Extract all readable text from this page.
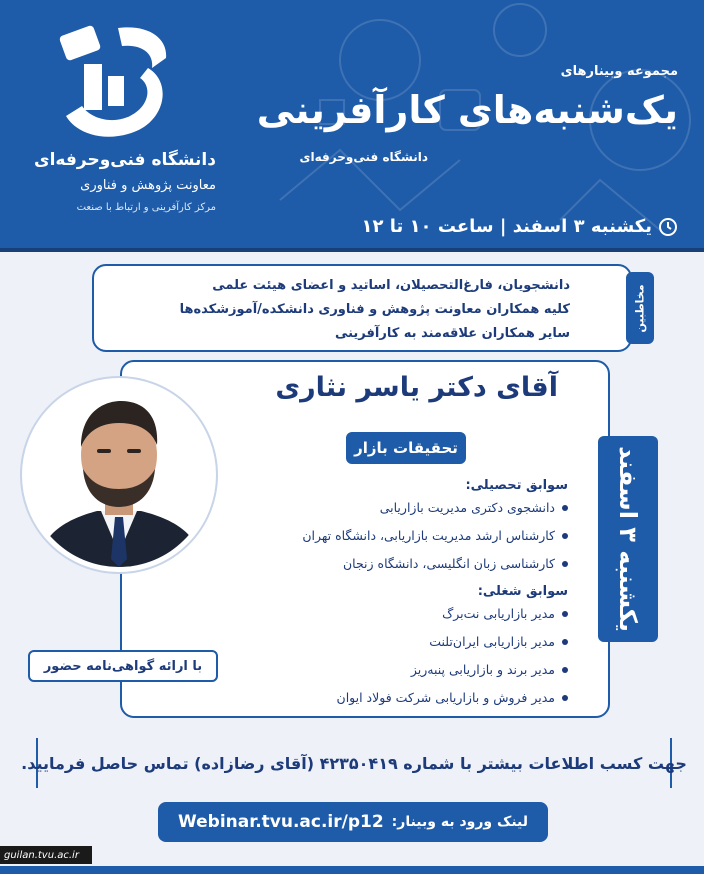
دانشگاه فنی‌وحرفه‌ای
معاونت پژوهش و فناوری
مرکز کارآفرینی و ارتباط با صنعت
مجموعه وبینارهای
یک‌شنبه‌های کارآفرینی
دانشگاه فنی‌وحرفه‌ای
یکشنبه ۳ اسفند | ساعت ۱۰ تا ۱۲
دانشجویان، فارغ‌التحصیلان، اساتید و اعضای هیئت علمی
کلیه همکاران معاونت پژوهش و فناوری دانشکده/آموزشکده‌ها
سایر همکاران علاقه‌مند به کارآفرینی
مخاطبین
آقای دکتر یاسر نثاری
تحقیقات بازار
سوابق تحصیلی:
دانشجوی دکتری مدیریت بازاریابی
کارشناس ارشد مدیریت بازاریابی، دانشگاه تهران
کارشناسی زبان انگلیسی، دانشگاه زنجان
سوابق شغلی:
مدیر بازاریابی نت‌برگ
مدیر بازاریابی ایران‌تلنت
مدیر برند و بازاریابی پنبه‌ریز
مدیر فروش و بازاریابی شرکت فولاد ایوان
یکشنبه ۳ اسفند
با ارائه گواهی‌نامه حضور
جهت کسب اطلاعات بیشتر با شماره ۴۲۳۵۰۴۱۹ (آقای رضازاده) تماس حاصل فرمایید.
لینک ورود به وبینار:
Webinar.tvu.ac.ir/p12
guilan.tvu.ac.ir
